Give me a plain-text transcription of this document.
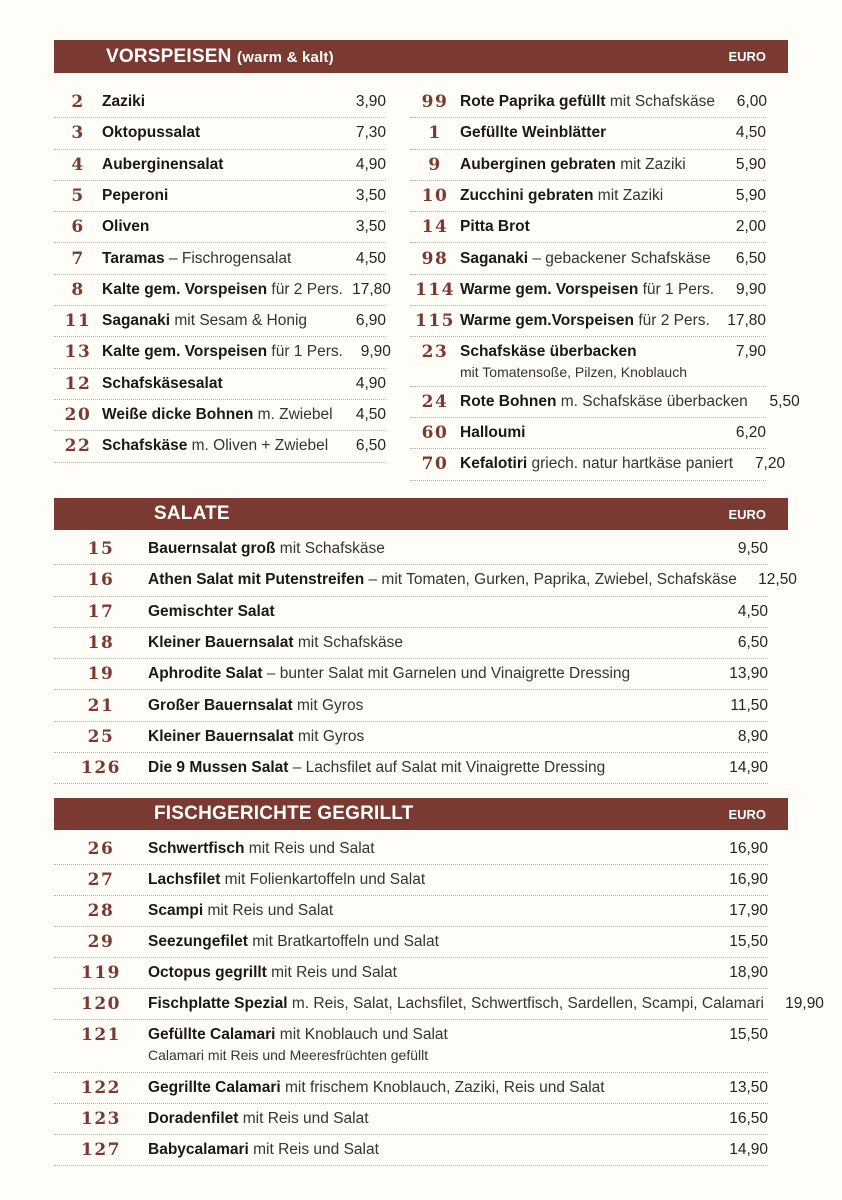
VORSPEISEN (warm & kalt)	EURO
SALATE	EURO
FISCHGERICHTE GEGRILLT	EURO
2	Zaziki	3,90
3	Oktopussalat	7,30
4	Auberginensalat	4,90
5	Peperoni	3,50
6	Oliven	3,50
7	Taramas – Fischrogensalat	4,50
8	Kalte gem. Vorspeisen für 2 Pers. 17,80
11 Saganaki mit Sesam & Honig	6,90
13 Kalte gem. Vorspeisen für 1 Pers.	9,90
12 Schafskäsesalat	4,90
20 Weiße dicke Bohnen m. Zwiebel	4,50
22 Schafskäse m. Oliven + Zwiebel	6,50
99 Rote Paprika gefüllt mit Schafskäse	6,00
1	Gefüllte Weinblätter	4,50
9	Auberginen gebraten mit Zaziki	5,90
10 Zucchini gebraten mit Zaziki	5,90
14 Pitta Brot	2,00
98 Saganaki – gebackener Schafskäse	6,50
114 Warme gem. Vorspeisen für 1 Pers.	9,90
115 Warme gem.Vorspeisen für 2 Pers.	17,80
23 Schafskäse überbacken
mit Tomatensoße, Pilzen, Knoblauch
7,90
24 Rote Bohnen m. Schafskäse überbacken	5,50
60 Halloumi	6,20
70 Kefalotiri griech. natur hartkäse paniert	7,20
15	Bauernsalat groß mit Schafskäse	9,50
16	Athen Salat mit Putenstreifen – mit Tomaten, Gurken, Paprika, Zwiebel, Schafskäse	12,50
17	Gemischter Salat	4,50
18	Kleiner Bauernsalat mit Schafskäse	6,50
19	Aphrodite Salat – bunter Salat mit Garnelen und Vinaigrette Dressing	13,90
21	Großer Bauernsalat mit Gyros	11,50
25	Kleiner Bauernsalat mit Gyros	8,90
126	Die 9 Mussen Salat – Lachsfilet auf Salat mit Vinaigrette Dressing	14,90
26	Schwertfisch mit Reis und Salat	16,90
27	Lachsfilet mit Folienkartoffeln und Salat	16,90
28	Scampi mit Reis und Salat	17,90
29	Seezungefilet mit Bratkartoffeln und Salat	15,50
119	Octopus gegrillt mit Reis und Salat	18,90
120	Fischplatte Spezial m. Reis, Salat, Lachsfilet, Schwertfisch, Sardellen, Scampi, Calamari	19,90
121	Gefüllte Calamari mit Knoblauch und Salat
Calamari mit Reis und Meeresfrüchten gefüllt
15,50
122	Gegrillte Calamari mit frischem Knoblauch, Zaziki, Reis und Salat	13,50
123	Doradenfilet mit Reis und Salat	16,50
127	Babycalamari mit Reis und Salat	14,90
